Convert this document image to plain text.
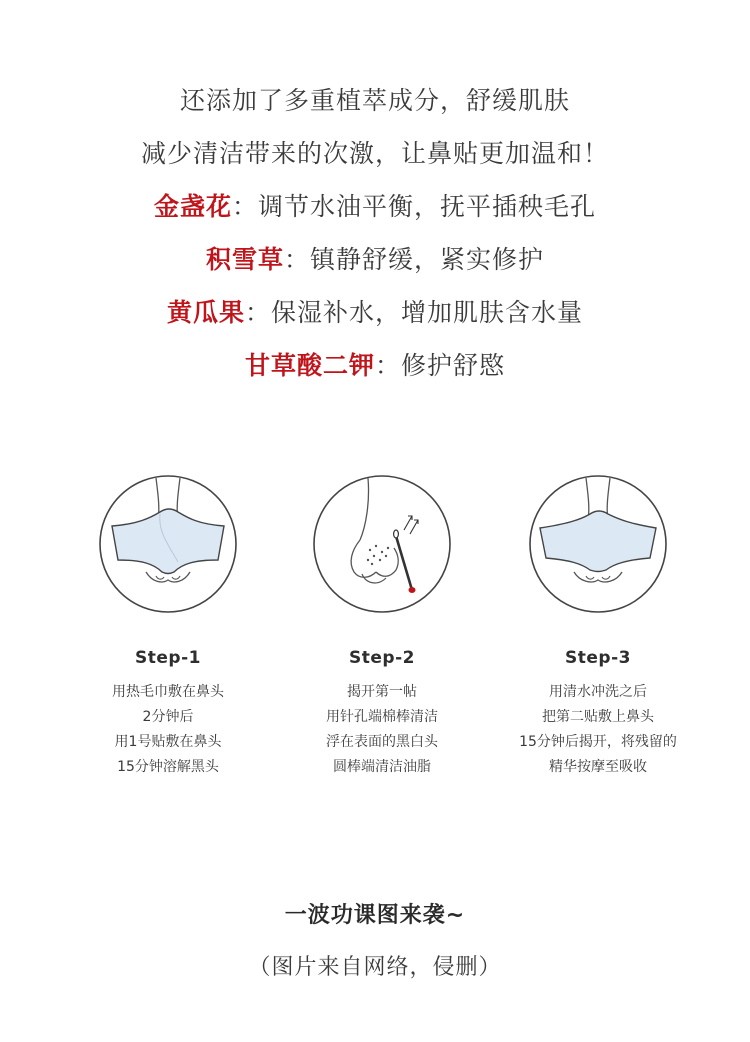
还添加了多重植萃成分，舒缓肌肤
减少清洁带来的次激，让鼻贴更加温和！
金盏花：调节水油平衡，抚平插秧毛孔
积雪草：镇静舒缓，紧实修护
黄瓜果：保湿补水，增加肌肤含水量
甘草酸二钾：修护舒愍
Step-1
用热毛巾敷在鼻头
2分钟后
用1号贴敷在鼻头
15分钟溶解黑头
Step-2
揭开第一帖
用针孔端棉棒清洁
浮在表面的黑白头
圆棒端清洁油脂
Step-3
用清水冲洗之后
把第二贴敷上鼻头
15分钟后揭开，将残留的
精华按摩至吸收
一波功课图来袭~
（图片来自网络，侵删）
